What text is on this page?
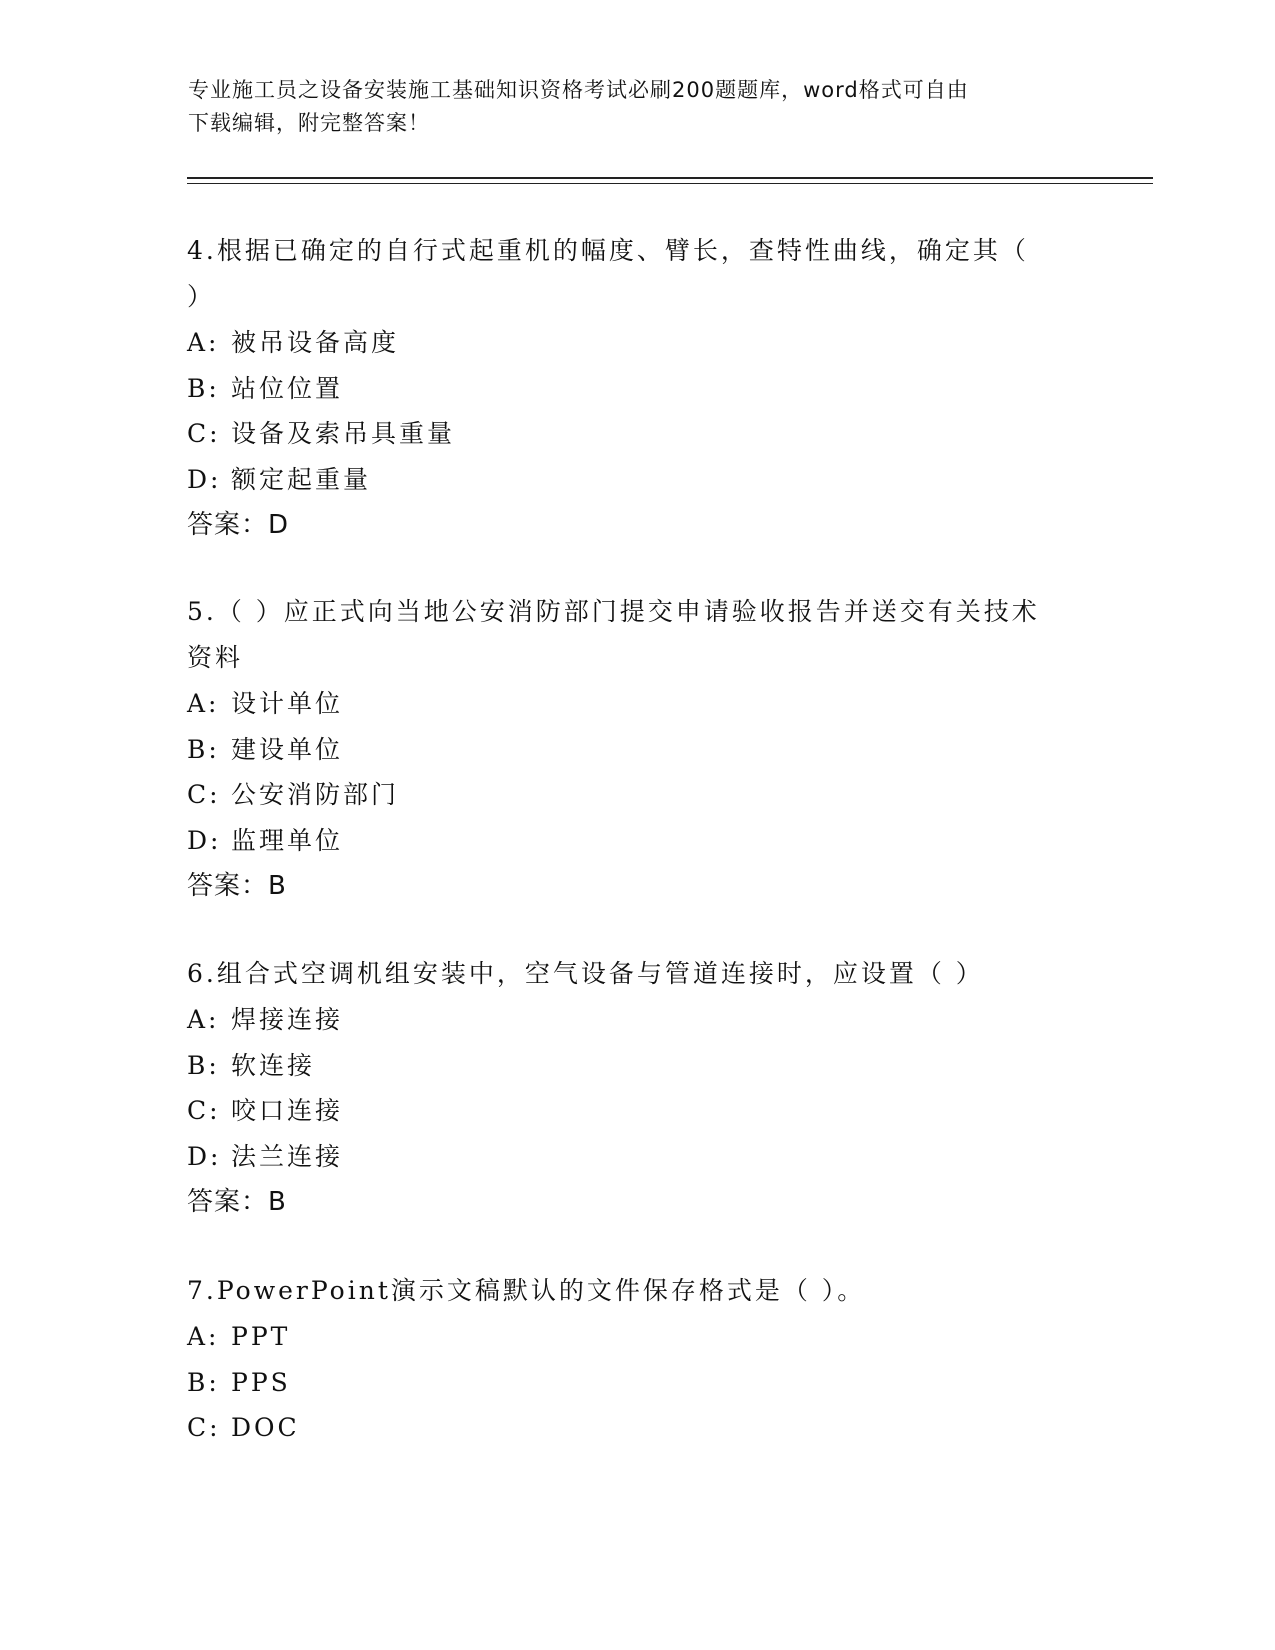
专业施工员之设备安装施工基础知识资格考试必刷200题题库，word格式可自由
下载编辑，附完整答案！
4.根据已确定的自行式起重机的幅度、臂长，查特性曲线，确定其（
）
A: 被吊设备高度
B: 站位位置
C: 设备及索吊具重量
D: 额定起重量
答案：D
5.（ ）应正式向当地公安消防部门提交申请验收报告并送交有关技术
资料
A: 设计单位
B: 建设单位
C: 公安消防部门
D: 监理单位
答案：B
6.组合式空调机组安装中，空气设备与管道连接时，应设置（ ）
A: 焊接连接
B: 软连接
C: 咬口连接
D: 法兰连接
答案：B
7.PowerPoint演示文稿默认的文件保存格式是（ ）。
A: PPT
B: PPS
C: DOC
